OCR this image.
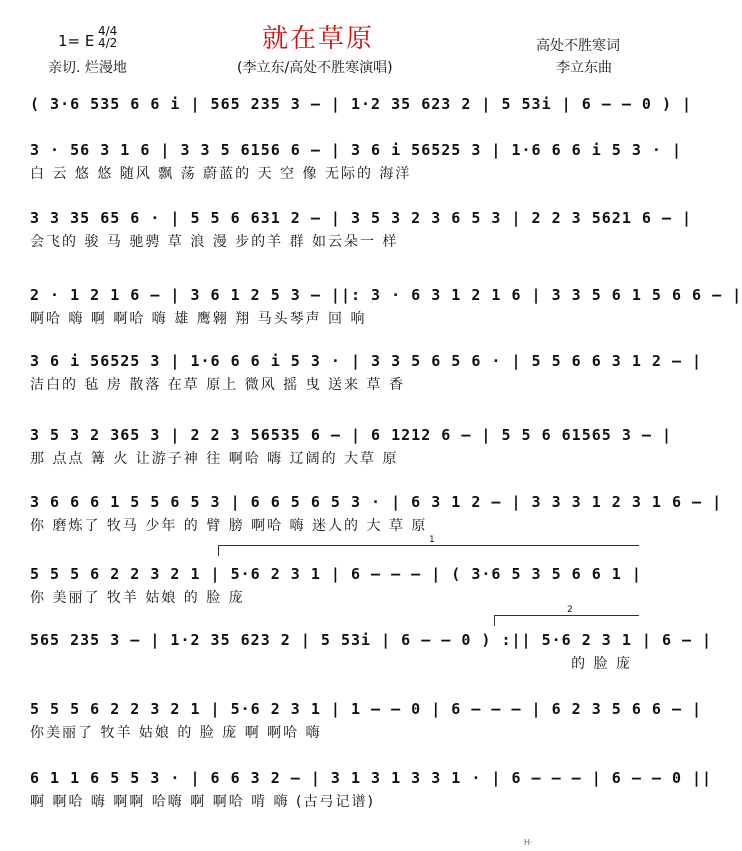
1= E
4/4
4/2
亲切. 烂漫地
就在草原
(李立东/高处不胜寒演唱)
高处不胜寒词
李立东曲
( 3·6 535 6 6 i | 565 235 3 – | 1·2 35 623 2 | 5 53i | 6 – – 0 ) |
3 · 56 3 1 6 | 3 3 5 6156 6 – | 3 6 i 56525 3 | 1·6 6 6 i 5 3 · |
白 云 悠 悠 随风 飘 荡 蔚蓝的 天 空 像 无际的 海洋
3 3 35 65 6 · | 5 5 6 631 2 – | 3 5 3 2 3 6 5 3 | 2 2 3 5621 6 – |
会飞的 骏 马 驰骋 草 浪 漫 步的羊 群 如云朵一 样
2 · 1 2 1 6 – | 3 6 1 2 5 3 – ||: 3 · 6 3 1 2 1 6 | 3 3 5 6 1 5 6 6 – |
啊哈 嗨 啊 啊哈 嗨 雄 鹰翱 翔 马头琴声 回 响
3 6 i 56525 3 | 1·6 6 6 i 5 3 · | 3 3 5 6 5 6 · | 5 5 6 6 3 1 2 – |
洁白的 毡 房 散落 在草 原上 微风 摇 曳 送来 草 香
3 5 3 2 365 3 | 2 2 3 56535 6 – | 6 1212 6 – | 5 5 6 61565 3 – |
那 点点 篝 火 让游子神 往 啊哈 嗨 辽阔的 大草 原
3 6 6 6 1 5 5 6 5 3 | 6 6 5 6 5 3 · | 6 3 1 2 – | 3 3 3 1 2 3 1 6 – |
你 磨炼了 牧马 少年 的 臂 膀 啊哈 嗨 迷人的 大 草 原
1
5 5 5 6 2 2 3 2 1 | 5·6 2 3 1 | 6 – – – | ( 3·6 5 3 5 6 6 1 |
你 美丽了 牧羊 姑娘 的 脸 庞
2
565 235 3 – | 1·2 35 623 2 | 5 53i | 6 – – 0 ) :|| 5·6 2 3 1 | 6 – |
的 脸 庞
5 5 5 6 2 2 3 2 1 | 5·6 2 3 1 | 1 – – 0 | 6 – – – | 6 2 3 5 6 6 – |
你美丽了 牧羊 姑娘 的 脸 庞 啊 啊哈 嗨
6 1 1 6 5 5 3 · | 6 6 3 2 – | 3 1 3 1 3 3 1 · | 6 – – – | 6 – – 0 ||
啊 啊哈 嗨 啊啊 哈嗨 啊 啊哈 啃 嗨 (古弓记谱)
H·
